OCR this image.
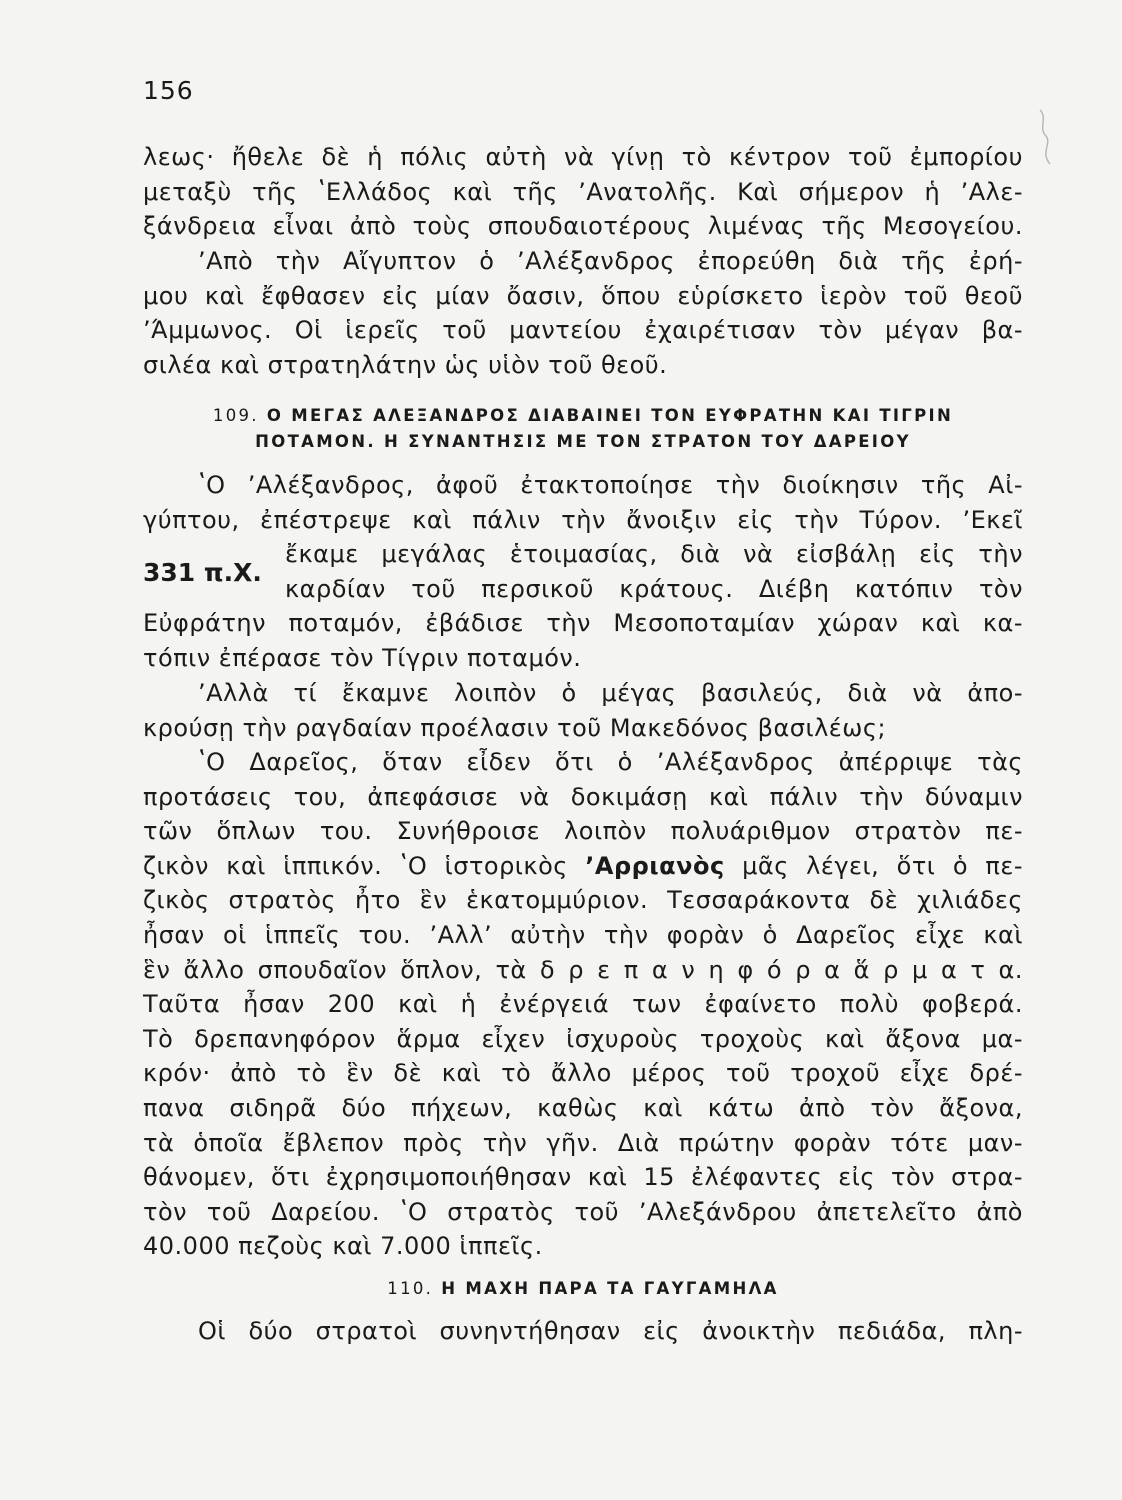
156
λεως· ἤθελε δὲ ἡ πόλις αὐτὴ νὰ γίνῃ τὸ κέντρον τοῦ ἐμπορίου
μεταξὺ τῆς ʽΕλλάδος καὶ τῆς ʼΑνατολῆς. Καὶ σήμερον ἡ ʼΑλε-
ξάνδρεια εἶναι ἀπὸ τοὺς σπουδαιοτέρους λιμένας τῆς Μεσογείου.
ʼΑπὸ τὴν Αἴγυπτον ὁ ʼΑλέξανδρος ἐπορεύθη διὰ τῆς ἐρή-
μου καὶ ἔφθασεν εἰς μίαν ὄασιν, ὅπου εὑρίσκετο ἱερὸν τοῦ θεοῦ
ʼΆμμωνος. Οἱ ἱερεῖς τοῦ μαντείου ἐχαιρέτισαν τὸν μέγαν βα-
σιλέα καὶ στρατηλάτην ὡς υἱὸν τοῦ θεοῦ.
109. Ο ΜΕΓΑΣ ΑΛΕΞΑΝΔΡΟΣ ΔΙΑΒΑΙΝΕΙ ΤΟΝ ΕΥΦΡΑΤΗΝ ΚΑΙ ΤΙΓΡΙΝ
ΠΟΤΑΜΟΝ. Η ΣΥΝΑΝΤΗΣΙΣ ΜΕ ΤΟΝ ΣΤΡΑΤΟΝ ΤΟΥ ΔΑΡΕΙΟΥ
ʽΟ ʼΑλέξανδρος, ἀφοῦ ἐτακτοποίησε τὴν διοίκησιν τῆς Αἰ-
γύπτου, ἐπέστρεψε καὶ πάλιν τὴν ἄνοιξιν εἰς τὴν Τύρον. ʼΕκεῖ
ἔκαμε μεγάλας ἑτοιμασίας, διὰ νὰ εἰσβάλῃ εἰς τὴν
καρδίαν τοῦ περσικοῦ κράτους. Διέβη κατόπιν τὸν
Εὐφράτην ποταμόν, ἐβάδισε τὴν Μεσοποταμίαν χώραν καὶ κα-
τόπιν ἐπέρασε τὸν Τίγριν ποταμόν.
331 π.Χ.
ʼΑλλὰ τί ἔκαμνε λοιπὸν ὁ μέγας βασιλεύς, διὰ νὰ ἀπο-
κρούσῃ τὴν ραγδαίαν προέλασιν τοῦ Μακεδόνος βασιλέως;
ʽΟ Δαρεῖος, ὅταν εἶδεν ὅτι ὁ ʼΑλέξανδρος ἀπέρριψε τὰς
προτάσεις του, ἀπεφάσισε νὰ δοκιμάσῃ καὶ πάλιν τὴν δύναμιν
τῶν ὅπλων του. Συνήθροισε λοιπὸν πολυάριθμον στρατὸν πε-
ζικὸν καὶ ἱππικόν. ʽΟ ἱστορικὸς ʼΑρριανὸς μᾶς λέγει, ὅτι ὁ πε-
ζικὸς στρατὸς ἦτο ἓν ἑκατομμύριον. Τεσσαράκοντα δὲ χιλιάδες
ἦσαν οἱ ἱππεῖς του. ʼΑλλʼ αὐτὴν τὴν φορὰν ὁ Δαρεῖος εἶχε καὶ
ἓν ἄλλο σπουδαῖον ὅπλον, τὰ δ ρ ε π α ν η φ ό ρ α ἅ ρ μ α τ α.
Ταῦτα ἦσαν 200 καὶ ἡ ἐνέργειά των ἐφαίνετο πολὺ φοβερά.
Τὸ δρεπανηφόρον ἅρμα εἶχεν ἰσχυροὺς τροχοὺς καὶ ἄξονα μα-
κρόν· ἀπὸ τὸ ἓν δὲ καὶ τὸ ἄλλο μέρος τοῦ τροχοῦ εἶχε δρέ-
πανα σιδηρᾶ δύο πήχεων, καθὼς καὶ κάτω ἀπὸ τὸν ἄξονα,
τὰ ὁποῖα ἔβλεπον πρὸς τὴν γῆν. Διὰ πρώτην φορὰν τότε μαν-
θάνομεν, ὅτι ἐχρησιμοποιήθησαν καὶ 15 ἐλέφαντες εἰς τὸν στρα-
τὸν τοῦ Δαρείου. ʽΟ στρατὸς τοῦ ʼΑλεξάνδρου ἀπετελεῖτο ἀπὸ
40.000 πεζοὺς καὶ 7.000 ἱππεῖς.
110. Η ΜΑΧΗ ΠΑΡΑ ΤΑ ΓΑΥΓΑΜΗΛΑ
Οἱ δύο στρατοὶ συνηντήθησαν εἰς ἀνοικτὴν πεδιάδα, πλη-
